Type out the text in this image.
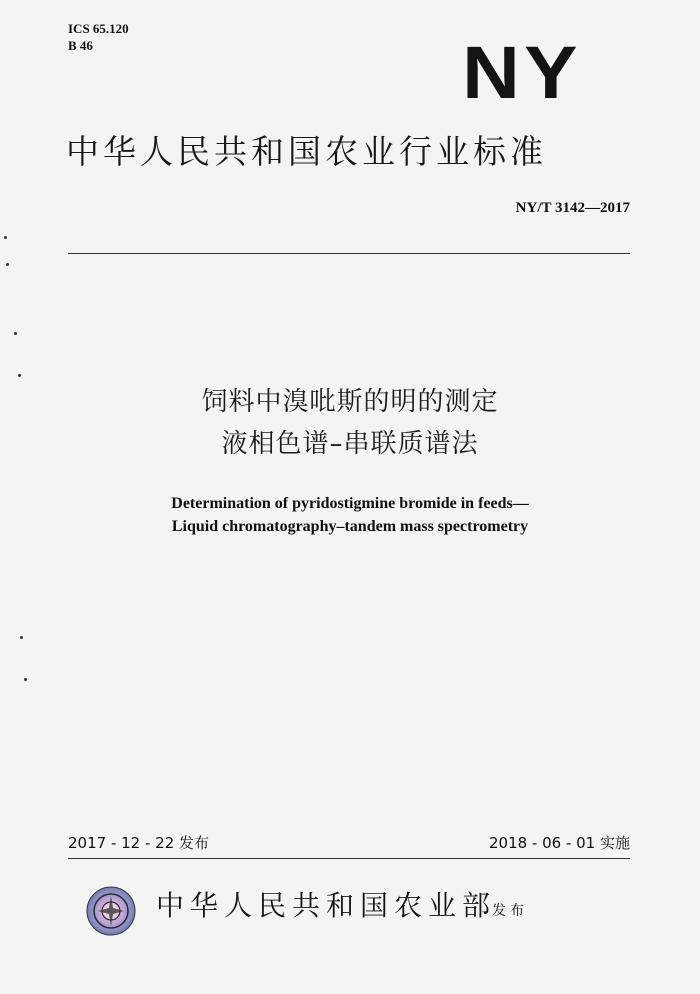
ICS 65.120
B 46	NY
中华人民共和国农业行业标准
NY/T 3142—2017
饲料中溴吡斯的明的测定
液相色谱–串联质谱法
Determination of pyridostigmine bromide in feeds—
Liquid chromatography–tandem mass spectrometry
2017 - 12 - 22 发布	2018 - 06 - 01 实施
中华人民共和国农业部
发布
